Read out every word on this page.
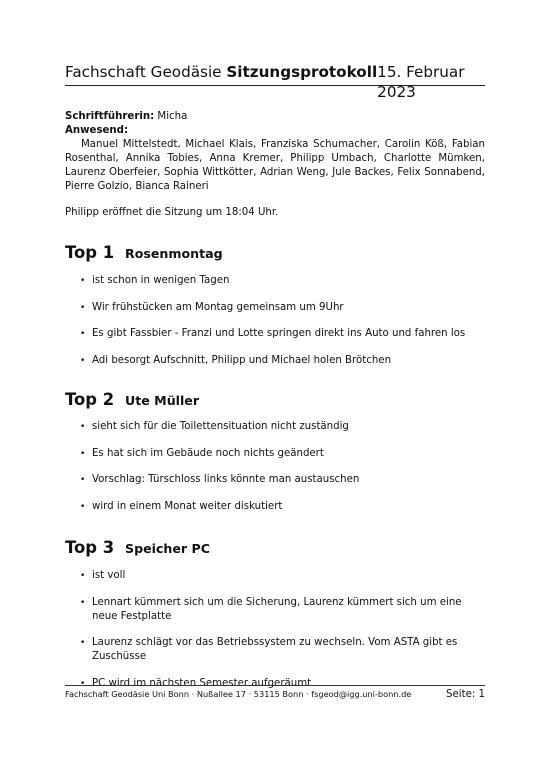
Fachschaft Geodäsie Sitzungsprotokoll 15. Februar 2023
Schriftführerin: Micha
Anwesend:

Manuel Mittelstedt, Michael Klais, Franziska Schumacher, Carolin Köß, Fabian Rosenthal, Annika Tobies, Anna Kremer, Philipp Umbach, Charlotte Mümken, Laurenz Oberfeier, Sophia Wittkötter, Adrian Weng, Jule Backes, Felix Sonnabend, Pierre Golzio, Bianca Raineri

Philipp eröffnet die Sitzung um 18:04 Uhr.
Top 1 Rosenmontag
• ist schon in wenigen Tagen
• Wir frühstücken am Montag gemeinsam um 9Uhr
• Es gibt Fassbier - Franzi und Lotte springen direkt ins Auto und fahren los
• Adi besorgt Aufschnitt, Philipp und Michael holen Brötchen
Top 2 Ute Müller
• sieht sich für die Toilettensituation nicht zuständig
• Es hat sich im Gebäude noch nichts geändert
• Vorschlag: Türschloss links könnte man austauschen
• wird in einem Monat weiter diskutiert
Top 3 Speicher PC
• ist voll
• Lennart kümmert sich um die Sicherung, Laurenz kümmert sich um eine neue Festplatte
• Laurenz schlägt vor das Betriebssystem zu wechseln. Vom ASTA gibt es Zuschüsse
• PC wird im nächsten Semester aufgeräumt
Fachschaft Geodäsie Uni Bonn · Nußallee 17 · 53115 Bonn · fsgeod@igg.uni-bonn.de	Seite: 1
